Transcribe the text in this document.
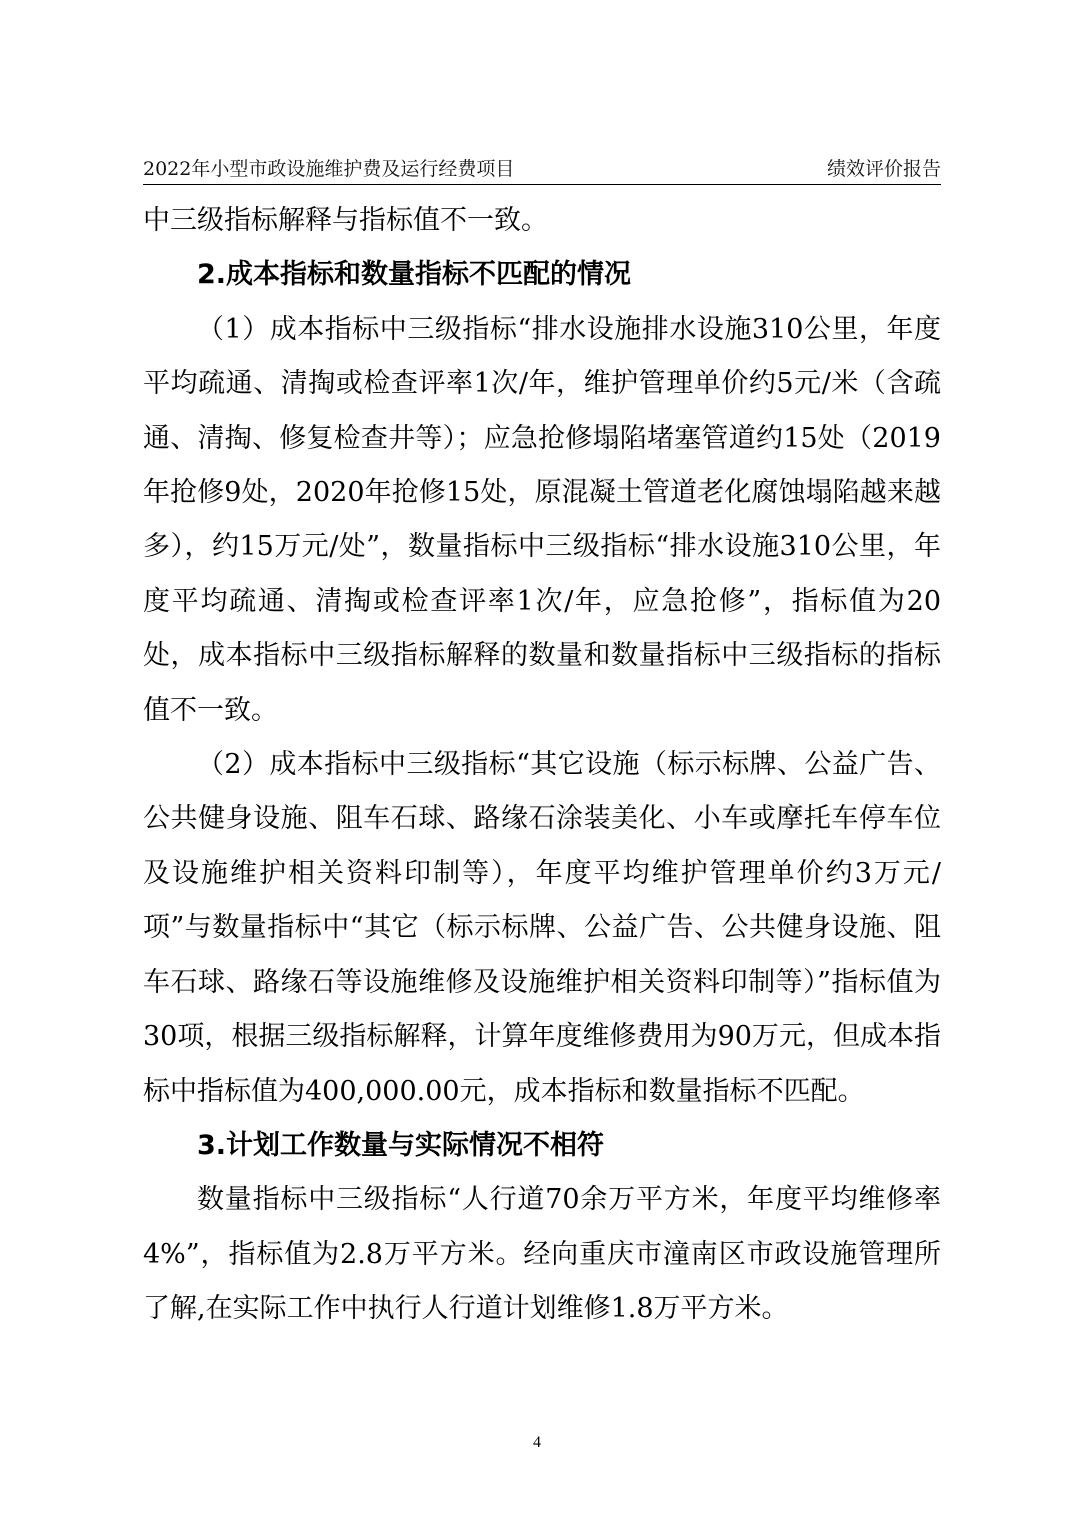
2022年小型市政设施维护费及运行经费项目	绩效评价报告

中三级指标解释与指标值不一致。

2.成本指标和数量指标不匹配的情况

（1）成本指标中三级指标“排水设施排水设施310公里，年度平均疏通、清掏或检查评率1次/年，维护管理单价约5元/米（含疏通、清掏、修复检查井等）；应急抢修塌陷堵塞管道约15处（2019年抢修9处，2020年抢修15处，原混凝土管道老化腐蚀塌陷越来越多），约15万元/处”，数量指标中三级指标“排水设施310公里，年度平均疏通、清掏或检查评率1次/年，应急抢修”，指标值为20处，成本指标中三级指标解释的数量和数量指标中三级指标的指标值不一致。

（2）成本指标中三级指标“其它设施（标示标牌、公益广告、公共健身设施、阻车石球、路缘石涂装美化、小车或摩托车停车位及设施维护相关资料印制等），年度平均维护管理单价约3万元/项”与数量指标中“其它（标示标牌、公益广告、公共健身设施、阻车石球、路缘石等设施维修及设施维护相关资料印制等）”指标值为30项，根据三级指标解释，计算年度维修费用为90万元，但成本指标中指标值为400,000.00元，成本指标和数量指标不匹配。

3.计划工作数量与实际情况不相符

数量指标中三级指标“人行道70余万平方米，年度平均维修率4%”，指标值为2.8万平方米。经向重庆市潼南区市政设施管理所了解,在实际工作中执行人行道计划维修1.8万平方米。

4
